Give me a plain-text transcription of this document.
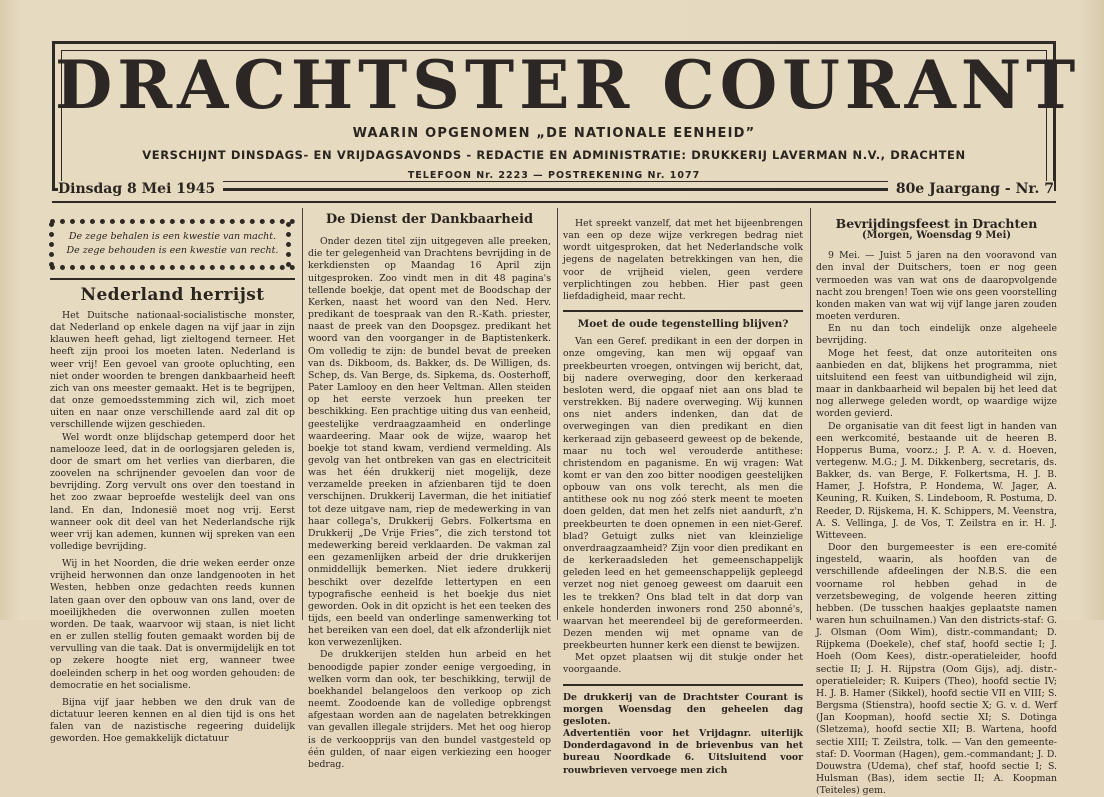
DRACHTSTER COURANT
WAARIN OPGENOMEN „DE NATIONALE EENHEID”
VERSCHIJNT DINSDAGS- EN VRIJDAGSAVONDS - REDACTIE EN ADMINISTRATIE: DRUKKERIJ LAVERMAN N.V., DRACHTEN
TELEFOON Nr. 2223 — POSTREKENING Nr. 1077
Dinsdag 8 Mei 1945	80e Jaargang - Nr. 7
De zege behalen is een kwestie van macht.
De zege behouden is een kwestie van recht.
Nederland herrijst

Het Duitsche nationaal-socialistische monster, dat Nederland op enkele dagen na vijf jaar in zijn klauwen heeft gehad, ligt zieltogend terneer. Het heeft zijn prooi los moeten laten. Nederland is weer vrij! Een gevoel van groote opluchting, een niet onder woorden te brengen dankbaarheid heeft zich van ons meester gemaakt. Het is te begrijpen, dat onze gemoedsstemming zich wil, zich moet uiten en naar onze verschillende aard zal dit op verschillende wijzen geschieden.

Wel wordt onze blijdschap getemperd door het namelooze leed, dat in de oorlogsjaren geleden is, door de smart om het verlies van dierbaren, die zoovelen na schrijnender gevoelen dan voor de bevrijding. Zorg vervult ons over den toestand in het zoo zwaar beproefde westelijk deel van ons land. En dan, Indonesië moet nog vrij. Eerst wanneer ook dit deel van het Nederlandsche rijk weer vrij kan ademen, kunnen wij spreken van een volledige bevrijding.

Wij in het Noorden, die drie weken eerder onze vrijheid herwonnen dan onze landgenooten in het Westen, hebben onze gedachten reeds kunnen laten gaan over den opbouw van ons land, over de moeilijkheden die overwonnen zullen moeten worden. De taak, waarvoor wij staan, is niet licht en er zullen stellig fouten gemaakt worden bij de vervulling van die taak. Dat is onvermijdelijk en tot op zekere hoogte niet erg, wanneer twee doeleinden scherp in het oog worden gehouden: de democratie en het socialisme.

Bijna vijf jaar hebben we den druk van de dictatuur leeren kennen en al dien tijd is ons het falen van de nazistische regeering duidelijk geworden. Hoe gemakkelijk dictatuur

De Dienst der Dankbaarheid

Onder dezen titel zijn uitgegeven alle preeken, die ter gelegenheid van Drachtens bevrijding in de kerkdiensten op Maandag 16 April zijn uitgesproken. Zoo vindt men in dit 48 pagina's tellende boekje, dat opent met de Boodschap der Kerken, naast het woord van den Ned. Herv. predikant de toespraak van den R.-Kath. priester, naast de preek van den Doopsgez. predikant het woord van den voorganger in de Baptistenkerk. Om volledig te zijn: de bundel bevat de preeken van ds. Dikboom, ds. Bakker, ds. De Willigen, ds. Schep, ds. Van Berge, ds. Sipkema, ds. Oosterhoff, Pater Lamlooy en den heer Veltman. Allen steiden op het eerste verzoek hun preeken ter beschikking. Een prachtige uiting dus van eenheid, geestelijke verdraagzaamheid en onderlinge waardeering. Maar ook de wijze, waarop het boekje tot stand kwam, verdiend vermelding. Als gevolg van het ontbreken van gas en electriciteit was het één drukkerij niet mogelijk, deze verzamelde preeken in afzienbaren tijd te doen verschijnen. Drukkerij Laverman, die het initiatief tot deze uitgave nam, riep de medewerking in van haar collega's, Drukkerij Gebrs. Folkertsma en Drukkerij „De Vrije Fries”, die zich terstond tot medewerking bereid verklaarden. De vakman zal een gezamenlijken arbeid der drie drukkerijen onmiddellijk bemerken. Niet iedere drukkerij beschikt over dezelfde lettertypen en een typografische eenheid is het boekje dus niet geworden. Ook in dit opzicht is het een teeken des tijds, een beeld van onderlinge samenwerking tot het bereiken van een doel, dat elk afzonderlijk niet kon verwezenlijken.

De drukkerijen stelden hun arbeid en het benoodigde papier zonder eenige vergoeding, in welken vorm dan ook, ter beschikking, terwijl de boekhandel belangeloos den verkoop op zich neemt. Zoodoende kan de volledige opbrengst afgestaan worden aan de nagelaten betrekkingen van gevallen illegale strijders. Met het oog hierop is de verkoopprijs van den bundel vastgesteld op één gulden, of naar eigen verkiezing een hooger bedrag.

Het spreekt vanzelf, dat met het bijeenbrengen van een op deze wijze verkregen bedrag niet wordt uitgesproken, dat het Nederlandsche volk jegens de nagelaten betrekkingen van hen, die voor de vrijheid vielen, geen verdere verplichtingen zou hebben. Hier past geen liefdadigheid, maar recht.

Moet de oude tegenstelling blijven?

Van een Geref. predikant in een der dorpen in onze omgeving, kan men wij opgaaf van preekbeurten vroegen, ontvingen wij bericht, dat, bij nadere overweging, door den kerkeraad besloten werd, die opgaaf niet aan ons blad te verstrekken. Bij nadere overweging. Wij kunnen ons niet anders indenken, dan dat de overwegingen van dien predikant en dien kerkeraad zijn gebaseerd geweest op de bekende, maar nu toch wel verouderde antithese: christendom en paganisme. En wij vragen: Wat komt er van den zoo bitter noodigen geestelijken opbouw van ons volk terecht, als men die antithese ook nu nog zóó sterk meent te moeten doen gelden, dat men het zelfs niet aandurft, z'n preekbeurten te doen opnemen in een niet-Geref. blad? Getuigt zulks niet van kleinzielige onverdraagzaamheid? Zijn voor dien predikant en de kerkeraadsleden het gemeenschappelijk geleden leed en het gemeenschappelijk gepleegd verzet nog niet genoeg geweest om daaruit een les te trekken? Ons blad telt in dat dorp van enkele honderden inwoners rond 250 abonné's, waarvan het meerendeel bij de gereformeerden. Dezen menden wij met opname van de preekbeurten hunner kerk een dienst te bewijzen.

Met opzet plaatsen wij dit stukje onder het voorgaande.

De drukkerij van de Drachtster Courant is morgen Woensdag den geheelen dag gesloten.

Advertentiën voor het Vrijdagnr. uiterlijk Donderdagavond in de brievenbus van het bureau Noordkade 6. Uitsluitend voor rouwbrieven vervoege men zich

Bevrijdingsfeest in Drachten
(Morgen, Woensdag 9 Mei)

9 Mei. — Juist 5 jaren na den vooravond van den inval der Duitschers, toen er nog geen vermoeden was van wat ons de daaropvolgende nacht zou brengen! Toen wie ons geen voorstelling konden maken van wat wij vijf lange jaren zouden moeten verduren.

En nu dan toch eindelijk onze algeheele bevrijding.

Moge het feest, dat onze autoriteiten ons aanbieden en dat, blijkens het programma, niet uitsluitend een feest van uitbundigheid wil zijn, maar in dankbaarheid wil bepalen bij het leed dat nog allerwege geleden wordt, op waardige wijze worden gevierd.

De organisatie van dit feest ligt in handen van een werkcomité, bestaande uit de heeren B. Hopperus Buma, voorz.; J. P. A. v. d. Hoeven, vertegenw. M.G.; J. M. Dikkenberg, secretaris, ds. Bakker, ds. van Berge, F. Folkertsma, H. J. B. Hamer, J. Hofstra, P. Hondema, W. Jager, A. Keuning, R. Kuiken, S. Lindeboom, R. Postuma, D. Reeder, D. Rijskema, H. K. Schippers, M. Veenstra, A. S. Vellinga, J. de Vos, T. Zeilstra en ir. H. J. Witteveen.

Door den burgemeester is een ere-comité ingesteld, waarin, als hoofden van de verschillende afdeelingen der N.B.S. die een voorname rol hebben gehad in de verzetsbeweging, de volgende heeren zitting hebben. (De tusschen haakjes geplaatste namen waren hun schuilnamen.) Van den districts-staf: G. J. Olsman (Oom Wim), distr.-commandant; D. Rijpkema (Doekele), chef staf, hoofd sectie I; J. Hoeh (Oom Kees), distr.-operatieleider, hoofd sectie II; J. H. Rijpstra (Oom Gijs), adj. distr.-operatieleider; R. Kuipers (Theo), hoofd sectie IV; H. J. B. Hamer (Sikkel), hoofd sectie VII en VIII; S. Bergsma (Stienstra), hoofd sectie X; G. v. d. Werf (Jan Koopman), hoofd sectie XI; S. Dotinga (Sletzema), hoofd sectie XII; B. Wartena, hoofd sectie XIII; T. Zeilstra, tolk. — Van den gemeente-staf: D. Voorman (Hagen), gem.-commandant; J. D. Douwstra (Udema), chef staf, hoofd sectie I; S. Hulsman (Bas), idem sectie II; A. Koopman (Teiteles) gem.
